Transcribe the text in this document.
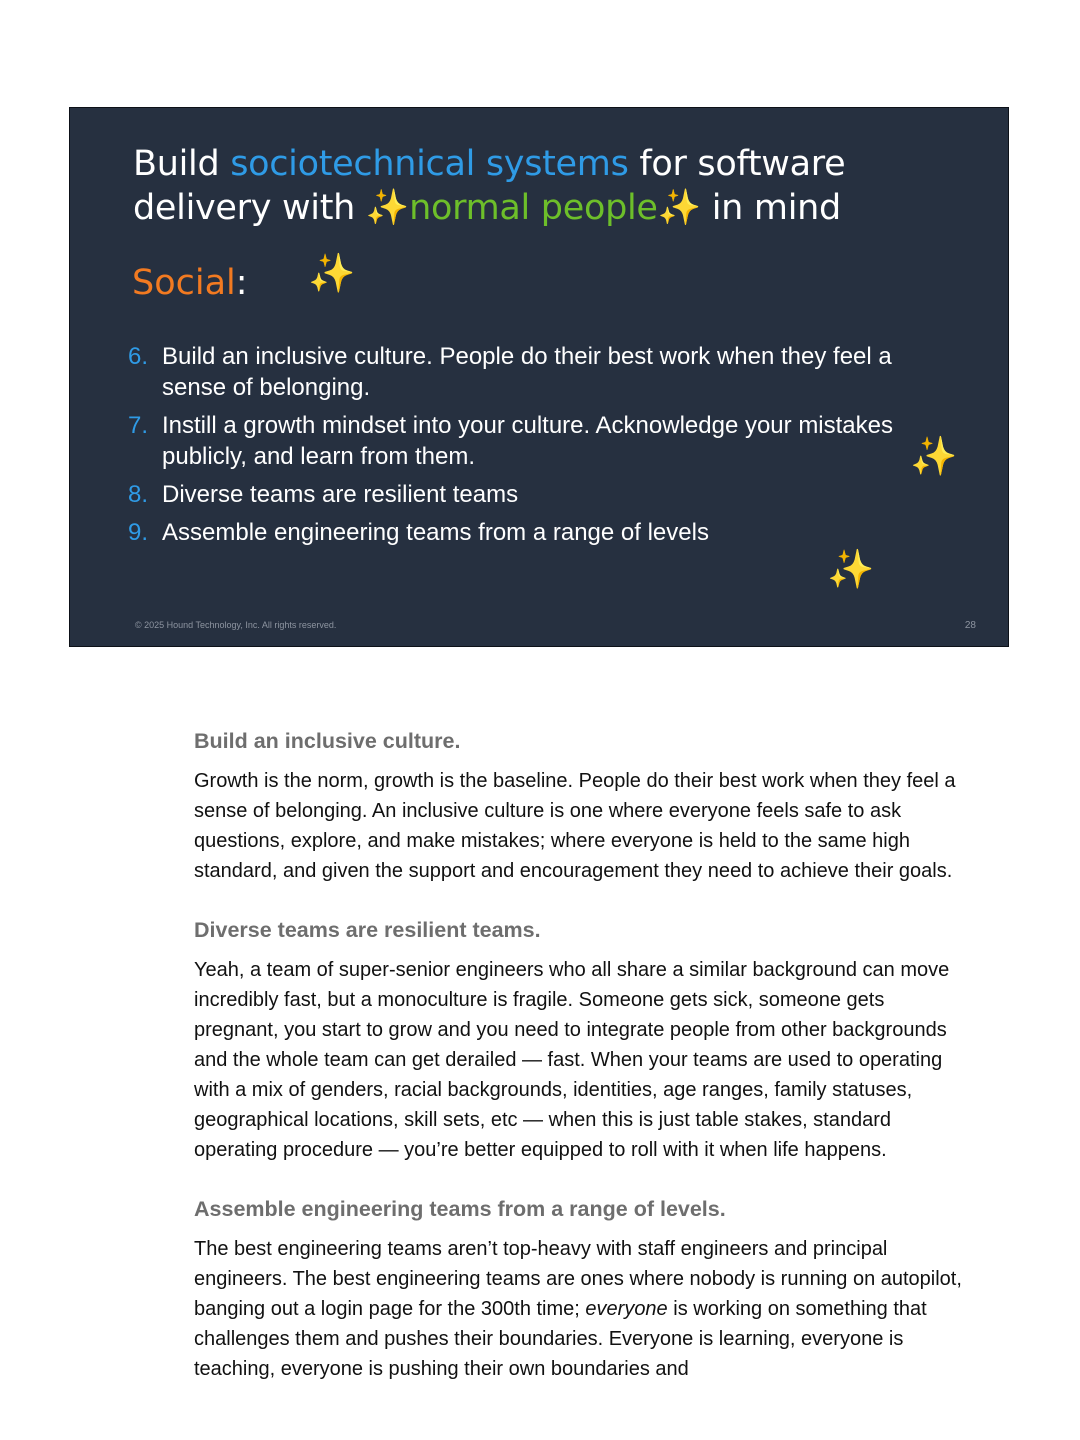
Build sociotechnical systems for software delivery with ✨normal people✨ in mind
Social: ✨
✨
✨
6. Build an inclusive culture. People do their best work when they feel a sense of belonging.
7. Instill a growth mindset into your culture. Acknowledge your mistakes publicly, and learn from them.
8. Diverse teams are resilient teams
9. Assemble engineering teams from a range of levels
© 2025 Hound Technology, Inc. All rights reserved.	28
Build an inclusive culture.

Growth is the norm, growth is the baseline. People do their best work when they feel a sense of belonging. An inclusive culture is one where everyone feels safe to ask questions, explore, and make mistakes; where everyone is held to the same high standard, and given the support and encouragement they need to achieve their goals.

Diverse teams are resilient teams.

Yeah, a team of super-senior engineers who all share a similar background can move incredibly fast, but a monoculture is fragile. Someone gets sick, someone gets pregnant, you start to grow and you need to integrate people from other backgrounds and the whole team can get derailed — fast. When your teams are used to operating with a mix of genders, racial backgrounds, identities, age ranges, family statuses, geographical locations, skill sets, etc — when this is just table stakes, standard operating procedure — you’re better equipped to roll with it when life happens.

Assemble engineering teams from a range of levels.

The best engineering teams aren’t top-heavy with staff engineers and principal engineers. The best engineering teams are ones where nobody is running on autopilot, banging out a login page for the 300th time; everyone is working on something that challenges them and pushes their boundaries. Everyone is learning, everyone is teaching, everyone is pushing their own boundaries and
